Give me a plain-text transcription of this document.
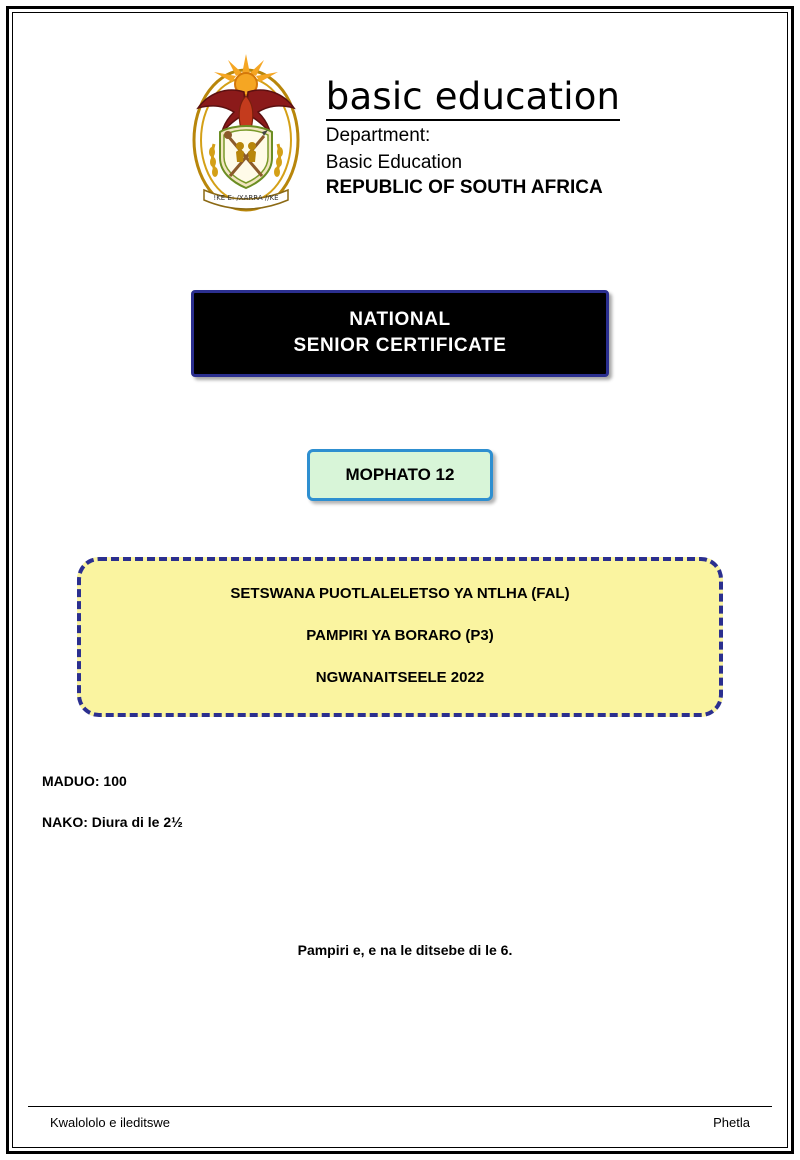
!KE E: /XARRA //KE
basic education
Department:
Basic Education
REPUBLIC OF SOUTH AFRICA
NATIONAL
SENIOR CERTIFICATE
MOPHATO 12
SETSWANA PUOTLALELETSO YA NTLHA (FAL)
PAMPIRI YA BORARO (P3)
NGWANAITSEELE 2022
MADUO: 100
NAKO: Diura di le 2½
Pampiri e, e na le ditsebe di le 6.
Kwalololo e ileditswe	Phetla
